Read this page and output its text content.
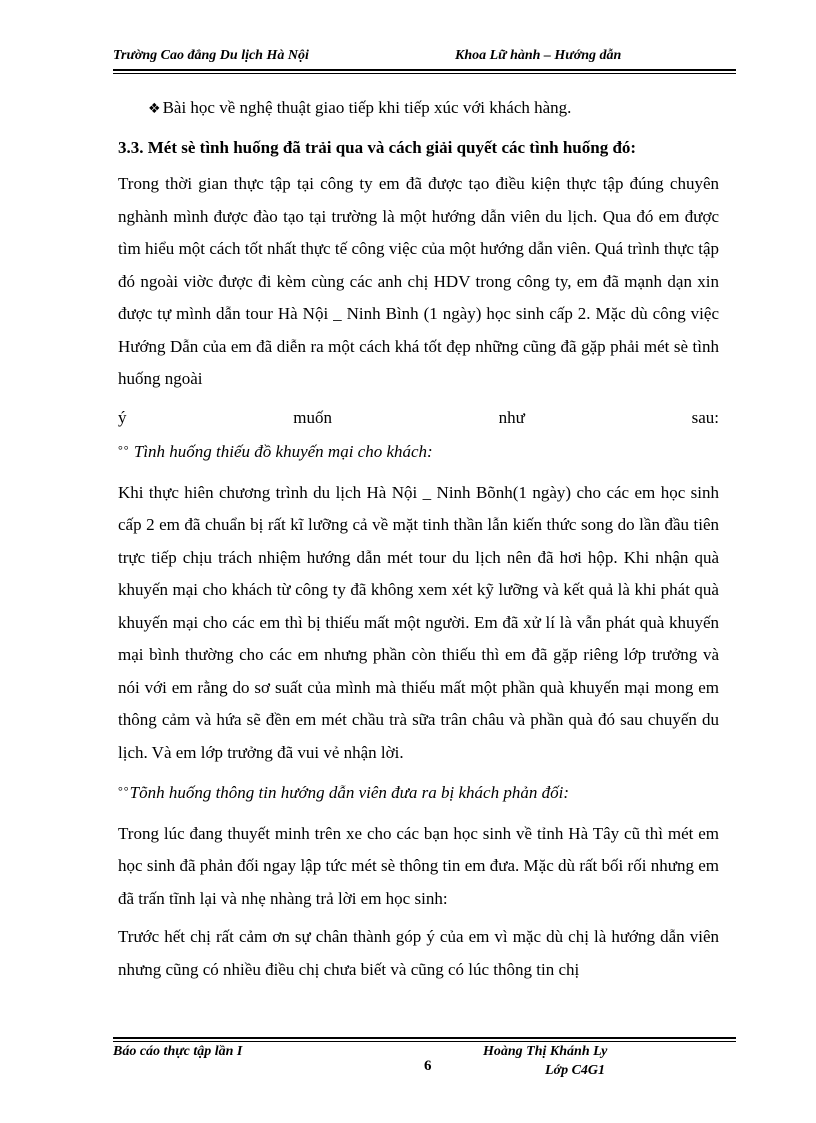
Trường Cao đẳng Du lịch Hà Nội	Khoa Lữ hành – Hướng dẫn

❖ Bài học về nghệ thuật giao tiếp khi tiếp xúc với khách hàng.

3.3. Mét sè tình huống đã trải qua và cách giải quyết các tình huống đó:

Trong thời gian thực tập tại công ty em đã được tạo điều kiện thực tập đúng chuyên nghành mình được đào tạo tại trường là một hướng dẫn viên du lịch. Qua đó em được tìm hiểu một cách tốt nhất thực tế công việc của một hướng dẫn viên. Quá trình thực tập đó ngoài viờc được đi kèm cùng các anh chị HDV trong công ty, em đã mạnh dạn xin được tự mình dẫn tour Hà Nội _ Ninh Bình (1 ngày) học sinh cấp 2. Mặc dù công việc Hướng Dẫn của em đã diễn ra một cách khá tốt đẹp những cũng đã gặp phải mét sè tình huống ngoài

ý	muốn	như	sau:

°° Tình huống thiếu đồ khuyến mại cho khách:

Khi thực hiên chương trình du lịch Hà Nội _ Ninh Bõnh(1 ngày) cho các em học sinh cấp 2 em đã chuẩn bị rất kĩ lưỡng cả về mặt tinh thần lẫn kiến thức song do lần đầu tiên trực tiếp chịu trách nhiệm hướng dẫn mét tour du lịch nên đã hơi hộp. Khi nhận quà khuyến mại cho khách từ công ty đã không xem xét kỹ lưỡng và kết quả là khi phát quà khuyến mại cho các em thì bị thiếu mất một người. Em đã xử lí là vẫn phát quà khuyến mại bình thường cho các em nhưng phần còn thiếu thì em đã gặp riêng lớp trưởng và nói với em rằng do sơ suất của mình mà thiếu mất một phần quà khuyến mại mong em thông cảm và hứa sẽ đền em mét chầu trà sữa trân châu và phần quà đó sau chuyến du lịch. Và em lớp trưởng đã vui vẻ nhận lời.

°°Tõnh huống thông tin hướng dẫn viên đưa ra bị khách phản đối:

Trong lúc đang thuyết minh trên xe cho các bạn học sinh về tỉnh Hà Tây cũ thì mét em học sinh đã phản đối ngay lập tức mét sè thông tin em đưa. Mặc dù rất bối rối nhưng em đã trấn tĩnh lại và nhẹ nhàng trả lời em học sinh:

Trước hết chị rất cảm ơn sự chân thành góp ý của em vì mặc dù chị là hướng dẫn viên nhưng cũng có nhiều điều chị chưa biết và cũng có lúc thông tin chị

Báo cáo thực tập lần I
6
Hoàng Thị Khánh Ly
Lớp C4G1
